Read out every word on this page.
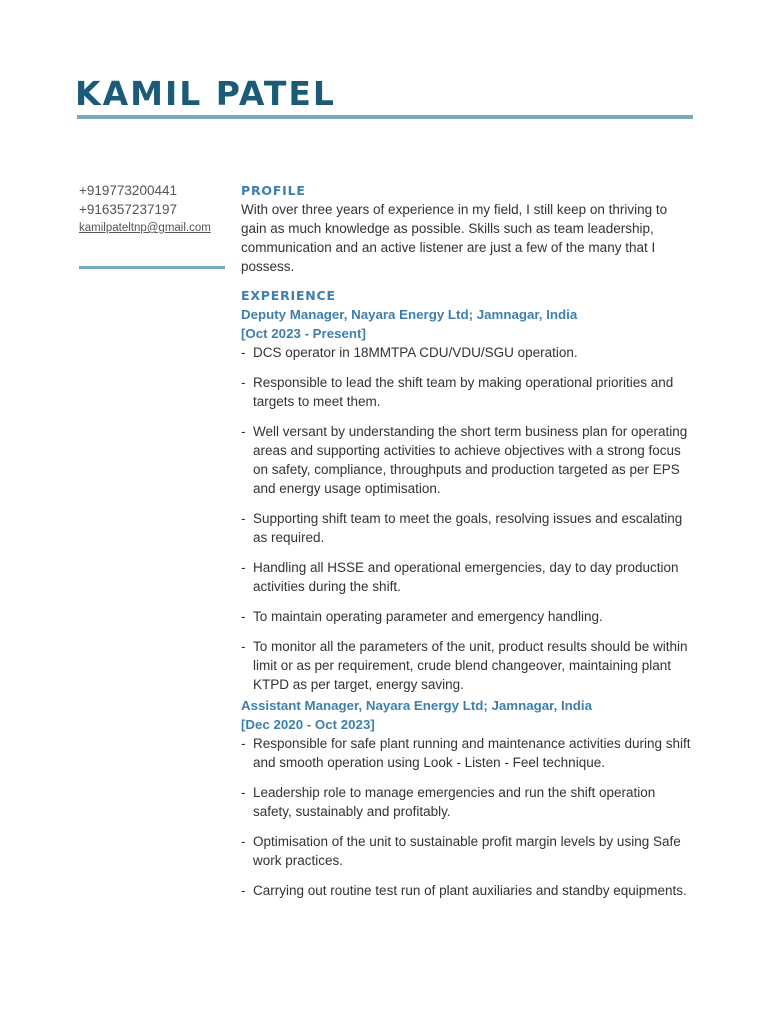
KAMIL PATEL
+919773200441
+916357237197
kamilpateltnp@gmail.com
PROFILE

With over three years of experience in my field, I still keep on thriving to gain as much knowledge as possible. Skills such as team leadership, communication and an active listener are just a few of the many that I possess.

EXPERIENCE
Deputy Manager, Nayara Energy Ltd; Jamnagar, India
[Oct 2023 - Present]
- DCS operator in 18MMTPA CDU/VDU/SGU operation.
- Responsible to lead the shift team by making operational priorities and targets to meet them.
- Well versant by understanding the short term business plan for operating areas and supporting activities to achieve objectives with a strong focus on safety, compliance, throughputs and production targeted as per EPS and energy usage optimisation.
- Supporting shift team to meet the goals, resolving issues and escalating as required.
- Handling all HSSE and operational emergencies, day to day production activities during the shift.
- To maintain operating parameter and emergency handling.
- To monitor all the parameters of the unit, product results should be within limit or as per requirement, crude blend changeover, maintaining plant KTPD as per target, energy saving.
Assistant Manager, Nayara Energy Ltd; Jamnagar, India
[Dec 2020 - Oct 2023]
- Responsible for safe plant running and maintenance activities during shift and smooth operation using Look - Listen - Feel technique.
- Leadership role to manage emergencies and run the shift operation safety, sustainably and profitably.
- Optimisation of the unit to sustainable profit margin levels by using Safe work practices.
- Carrying out routine test run of plant auxiliaries and standby equipments.
